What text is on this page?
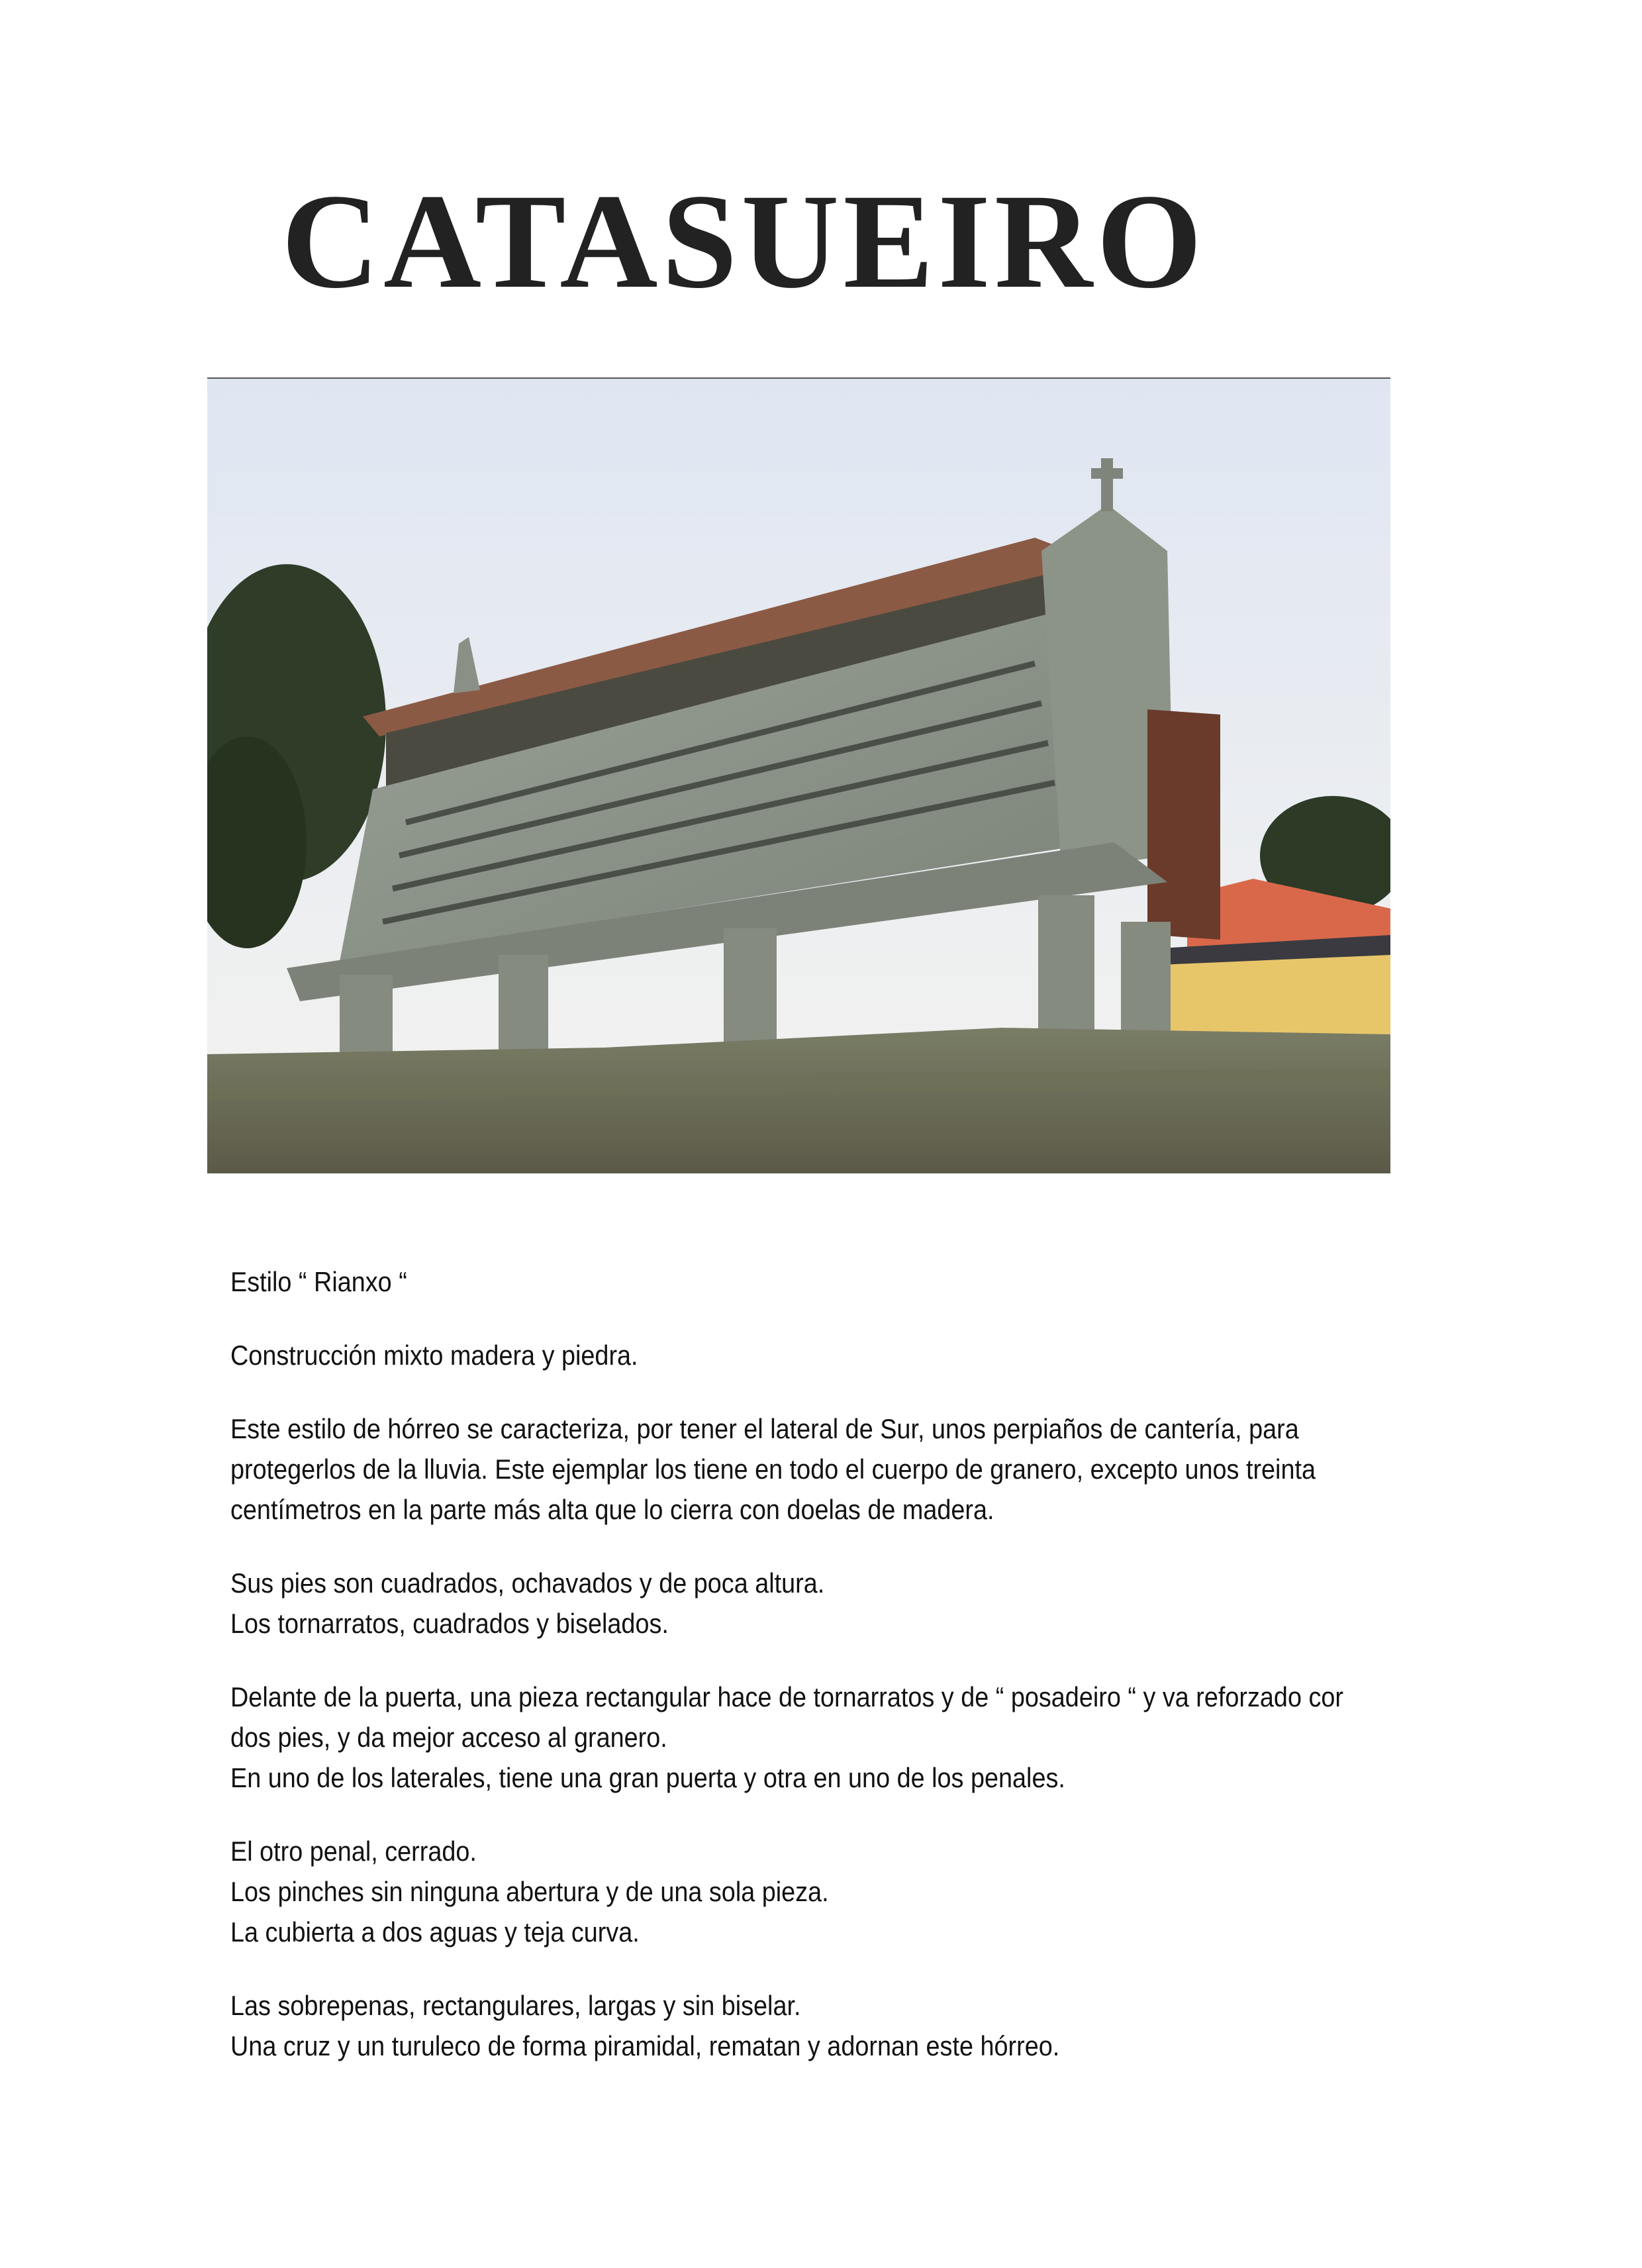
CATASUEIRO

Estilo “ Rianxo “

Construcción mixto madera y piedra.

Este estilo de hórreo se caracteriza, por tener el lateral de Sur, unos perpiaños de cantería, para

protegerlos de la lluvia. Este ejemplar los tiene en todo el cuerpo de granero, excepto unos treinta

centímetros en la parte más alta que lo cierra con doelas de madera.

Sus pies son cuadrados, ochavados y de poca altura.

Los tornarratos, cuadrados y biselados.

Delante de la puerta, una pieza rectangular hace de tornarratos y de “ posadeiro “ y va reforzado cor

dos pies, y da mejor acceso al granero.

En uno de los laterales, tiene una gran puerta y otra en uno de los penales.

El otro penal, cerrado.

Los pinches sin ninguna abertura y de una sola pieza.

La cubierta a dos aguas y teja curva.

Las sobrepenas, rectangulares, largas y sin biselar.

Una cruz y un turuleco de forma piramidal, rematan y adornan este hórreo.
